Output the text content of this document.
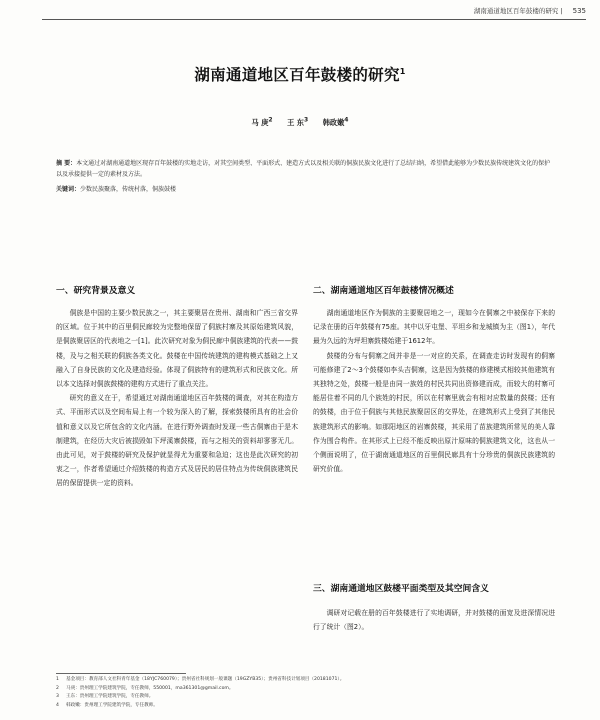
湖南通道地区百年鼓楼的研究 | 535
湖南通道地区百年鼓楼的研究$^1$
马 庚$^2$ 王 东$^3$ 韩政嫩$^4$
摘 要：本文通过对湖南通道地区现存百年鼓楼的实地走访，对其空间类型、平面形式、建造方式以及相关联的侗族民族文化进行了总结归纳，希望借此能够为少数民族传统建筑文化的保护以及承接提供一定的素材及方法。
关键词：少数民族聚落，传统村落，侗族鼓楼
一、研究背景及意义

侗族是中国的主要少数民族之一，其主要聚居在贵州、湖南和广西三省交界的区域。位于其中的百里侗民廊较为完整地保留了侗族村寨及其原始建筑风貌，是侗族聚居区的代表地之一[1]。此次研究对象为侗民廊中侗族建筑的代表——鼓楼，及与之相关联的侗族各类文化。鼓楼在中国传统建筑的建构模式基础之上又融入了自身民族的文化及建造经验。体现了侗族特有的建筑形式和民族文化。所以本文选择对侗族鼓楼的建构方式进行了重点关注。

研究的意义在于，希望通过对湖南通道地区百年鼓楼的调查，对其在构造方式、平面形式以及空间布局上有一个较为深入的了解，探索鼓楼所具有的社会价值和意义以及它所包含的文化内涵。在进行野外调查时发现一些古侗寨由于是木制建筑，在经历大灾后被损毁如下坪溪寨鼓楼，而与之相关的资料却寥寥无几。由此可见，对于鼓楼的研究及保护就显得尤为重要和急迫；这也是此次研究的初衷之一，作者希望通过介绍鼓楼的构造方式及居民的居住特点为传统侗族建筑民居的保留提供一定的资料。

二、湖南通道地区百年鼓楼情况概述

湖南通道地区作为侗族的主要聚居地之一，现如今在侗寨之中被保存下来的记录在册的百年鼓楼有75座。其中以牙屯堡、平坦乡和龙城镇为主（图1），年代最为久远的为坪坦寨鼓楼始建于1612年。

鼓楼的分布与侗寨之间并非是一一对应的关系，在调查走访时发现有的侗寨可能修建了2～3个鼓楼如李头吉侗寨，这是因为鼓楼的修建模式相较其他建筑有其独特之处，鼓楼一般是由同一族姓的村民共同出资修建而成，而较大的村寨可能居住着不同的几个族姓的村民，所以在村寨里就会有相对应数量的鼓楼；还有的鼓楼，由于位于侗族与其他民族聚居区的交界处，在建筑形式上受到了其他民族建筑形式的影响。如那阳地区的岩寨鼓楼，其采用了苗族建筑所常见的美人靠作为围合构件。在其形式上已经不能反映出原汁原味的侗族建筑文化，这也从一个侧面说明了，位于湖南通道地区的百里侗民廊具有十分珍贵的侗族民族建筑的研究价值。

三、湖南通道地区鼓楼平面类型及其空间含义

调研对记载在册的百年鼓楼进行了实地调研，并对鼓楼的面宽及进深情况进行了统计（图2）。

1 基金项目：教育部人文社科青年基金（18YJC760079）；贵州省社科规划一般课题（19GZYB35）；贵州省科技计划项目（20181071）。
2 马庚：贵州理工学院建筑学院，专任教师，550001，ma361301@gmail.com。
3 王东：贵州理工学院建筑学院，专任教师。
4 韩政嫩：贵州理工学院建筑学院，专任教师。
